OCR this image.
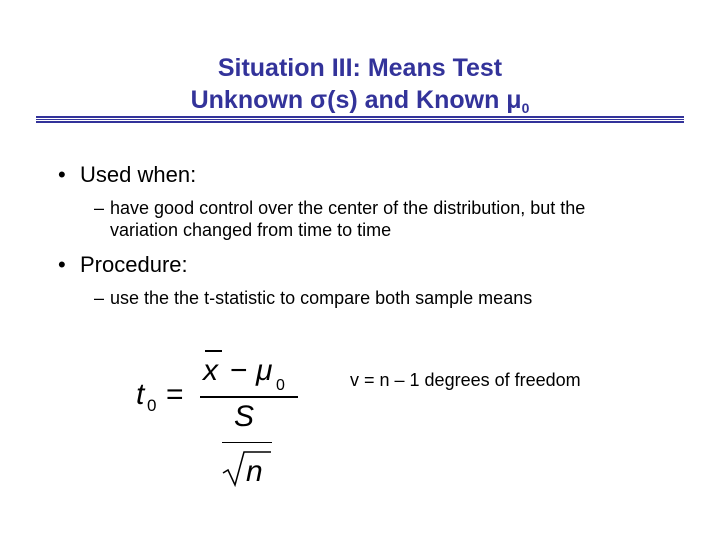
Situation III: Means Test
Unknown σ(s) and Known $\mu_0$
• Used when:
– have good control over the center of the distribution, but the
variation changed from time to time
• Procedure:
– use the the t-statistic to compare both sample means
t 0 =
x − μ 0
S
n
v = n – 1 degrees of freedom
